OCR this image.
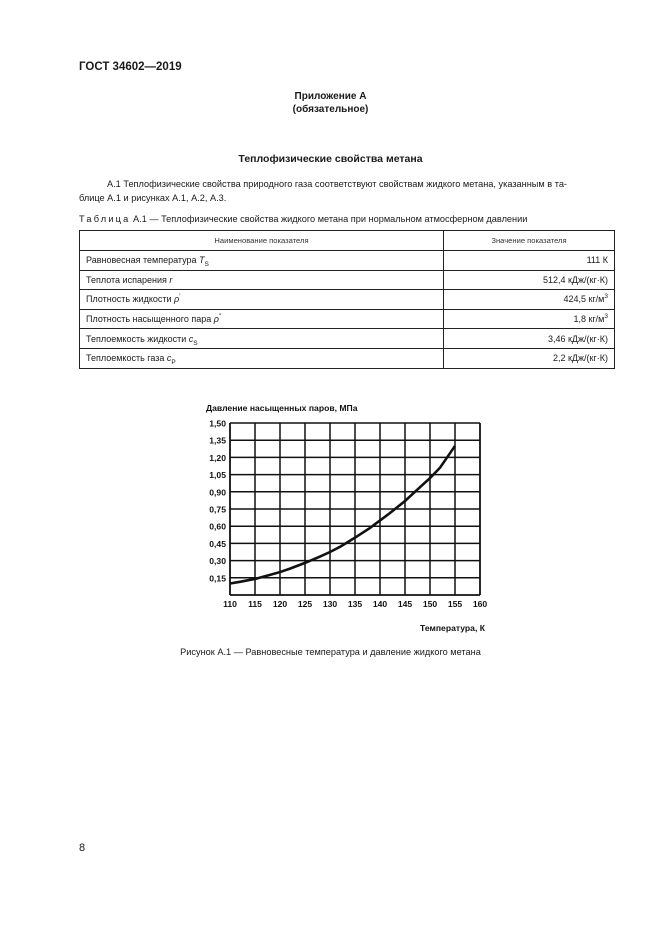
ГОСТ 34602—2019
Приложение А
(обязательное)
Теплофизические свойства метана
А.1 Теплофизические свойства природного газа соответствуют свойствам жидкого метана, указанным в та-
блице А.1 и рисунках А.1, А.2, А.3.
Таблица А.1 — Теплофизические свойства жидкого метана при нормальном атмосферном давлении
Наименование показателя	Значение показателя
Равновесная температура $T_S$	111 К
Теплота испарения r	512,4 кДж/(кг·К)
Плотность жидкости ρ′	424,5 $кг/м^3$
Плотность насыщенного пара ρ″	1,8 $кг/м^3$
Теплоемкость жидкости $c_S$	3,46 кДж/(кг·К)
Теплоемкость газа $c_P$	2,2 кДж/(кг·К)
Давление насыщенных паров, МПа
0,15
0,30
0,45
0,60
0,75
0,90
1,05
1,20
1,35
1,50
110 115 120 125 130 135 140 145 150 155 160
Температура, К
Рисунок А.1 — Равновесные температура и давление жидкого метана
8
